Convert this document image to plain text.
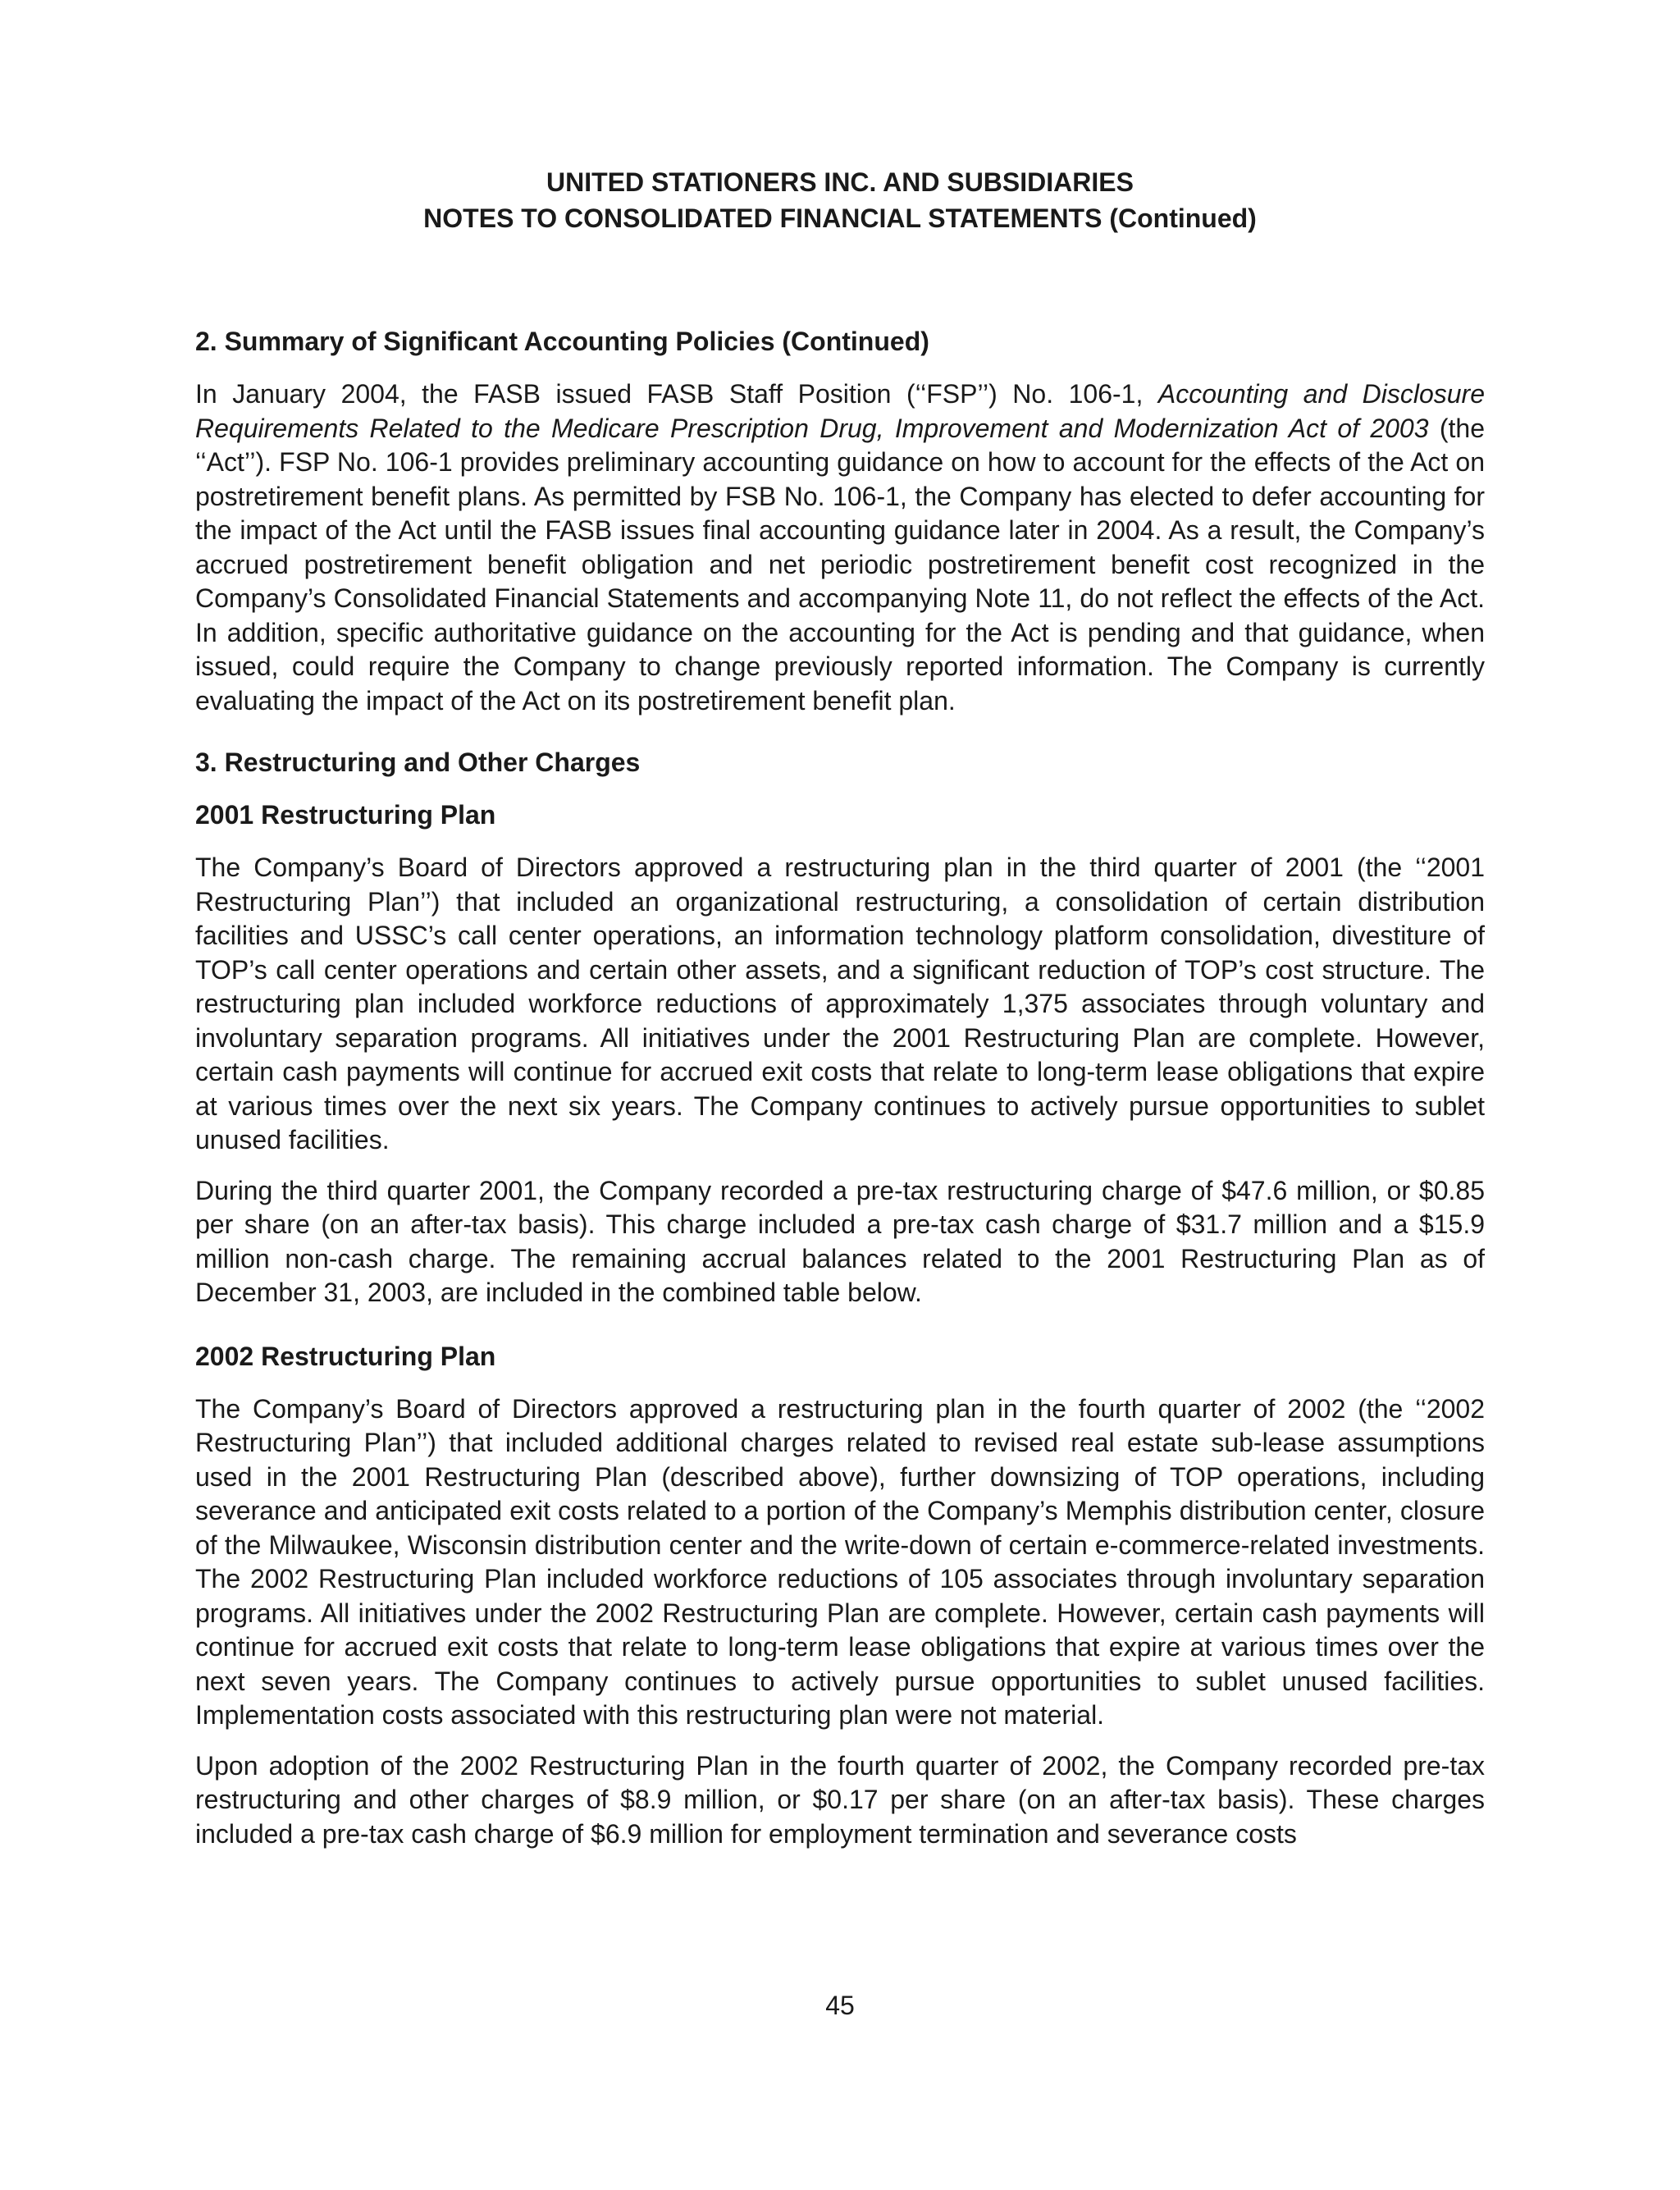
UNITED STATIONERS INC. AND SUBSIDIARIES

NOTES TO CONSOLIDATED FINANCIAL STATEMENTS (Continued)

2. Summary of Significant Accounting Policies (Continued)

In January 2004, the FASB issued FASB Staff Position (‘‘FSP’’) No. 106-1, Accounting and Disclosure Requirements Related to the Medicare Prescription Drug, Improvement and Modernization Act of 2003 (the ‘‘Act’’). FSP No. 106-1 provides preliminary accounting guidance on how to account for the effects of the Act on postretirement benefit plans. As permitted by FSB No. 106-1, the Company has elected to defer accounting for the impact of the Act until the FASB issues final accounting guidance later in 2004. As a result, the Company’s accrued postretirement benefit obligation and net periodic postretirement benefit cost recognized in the Company’s Consolidated Financial Statements and accompanying Note 11, do not reflect the effects of the Act. In addition, specific authoritative guidance on the accounting for the Act is pending and that guidance, when issued, could require the Company to change previously reported information. The Company is currently evaluating the impact of the Act on its postretirement benefit plan.

3. Restructuring and Other Charges
2001 Restructuring Plan

The Company’s Board of Directors approved a restructuring plan in the third quarter of 2001 (the ‘‘2001 Restructuring Plan’’) that included an organizational restructuring, a consolidation of certain distribution facilities and USSC’s call center operations, an information technology platform consolidation, divestiture of TOP’s call center operations and certain other assets, and a significant reduction of TOP’s cost structure. The restructuring plan included workforce reductions of approximately 1,375 associates through voluntary and involuntary separation programs. All initiatives under the 2001 Restructuring Plan are complete. However, certain cash payments will continue for accrued exit costs that relate to long-term lease obligations that expire at various times over the next six years. The Company continues to actively pursue opportunities to sublet unused facilities.

During the third quarter 2001, the Company recorded a pre-tax restructuring charge of $47.6 million, or $0.85 per share (on an after-tax basis). This charge included a pre-tax cash charge of $31.7 million and a $15.9 million non-cash charge. The remaining accrual balances related to the 2001 Restructuring Plan as of December 31, 2003, are included in the combined table below.

2002 Restructuring Plan

The Company’s Board of Directors approved a restructuring plan in the fourth quarter of 2002 (the ‘‘2002 Restructuring Plan’’) that included additional charges related to revised real estate sub-lease assumptions used in the 2001 Restructuring Plan (described above), further downsizing of TOP operations, including severance and anticipated exit costs related to a portion of the Company’s Memphis distribution center, closure of the Milwaukee, Wisconsin distribution center and the write-down of certain e-commerce-related investments. The 2002 Restructuring Plan included workforce reductions of 105 associates through involuntary separation programs. All initiatives under the 2002 Restructuring Plan are complete. However, certain cash payments will continue for accrued exit costs that relate to long-term lease obligations that expire at various times over the next seven years. The Company continues to actively pursue opportunities to sublet unused facilities. Implementation costs associated with this restructuring plan were not material.

Upon adoption of the 2002 Restructuring Plan in the fourth quarter of 2002, the Company recorded pre-tax restructuring and other charges of $8.9 million, or $0.17 per share (on an after-tax basis). These charges included a pre-tax cash charge of $6.9 million for employment termination and severance costs

45
